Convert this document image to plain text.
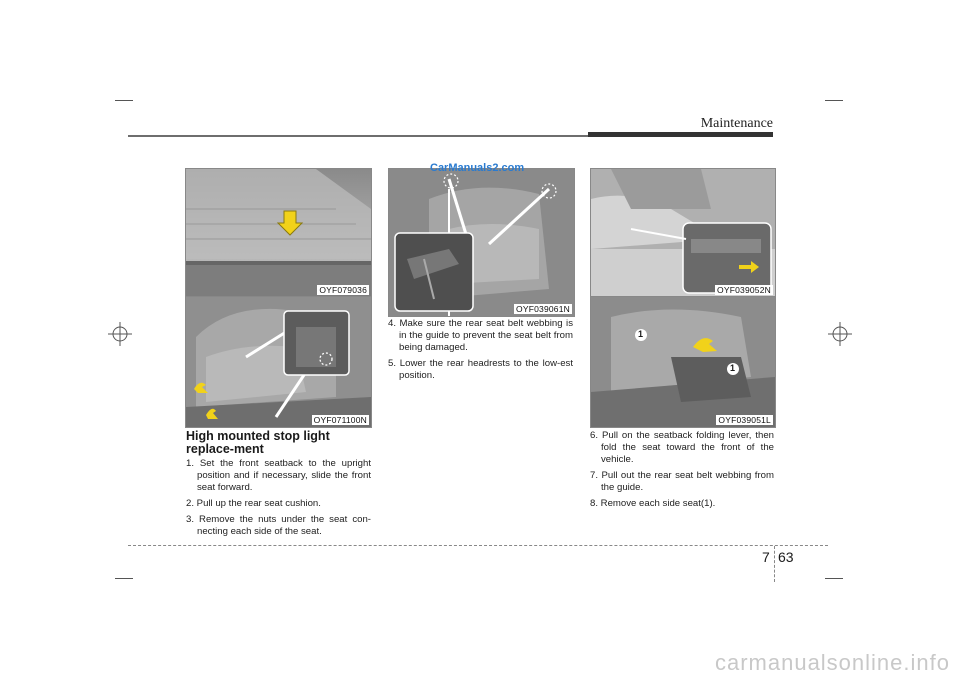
Maintenance
OYF079036
OYF071100N
OYF039061N
CarManuals2.com
OYF039052N
1
1
OYF039051L
High mounted stop light replace-ment
1. Set the front seatback to the upright position and if necessary, slide the front seat forward.
2. Pull up the rear seat cushion.
3. Remove the nuts under the seat con-necting each side of the seat.
4. Make sure the rear seat belt webbing is in the guide to prevent the seat belt from being damaged.
5. Lower the rear headrests to the low-est position.
6. Pull on the seatback folding lever, then fold the seat toward the front of the vehicle.
7. Pull out the rear seat belt webbing from the guide.
8. Remove each side seat(1).
7 63
carmanualsonline.info
